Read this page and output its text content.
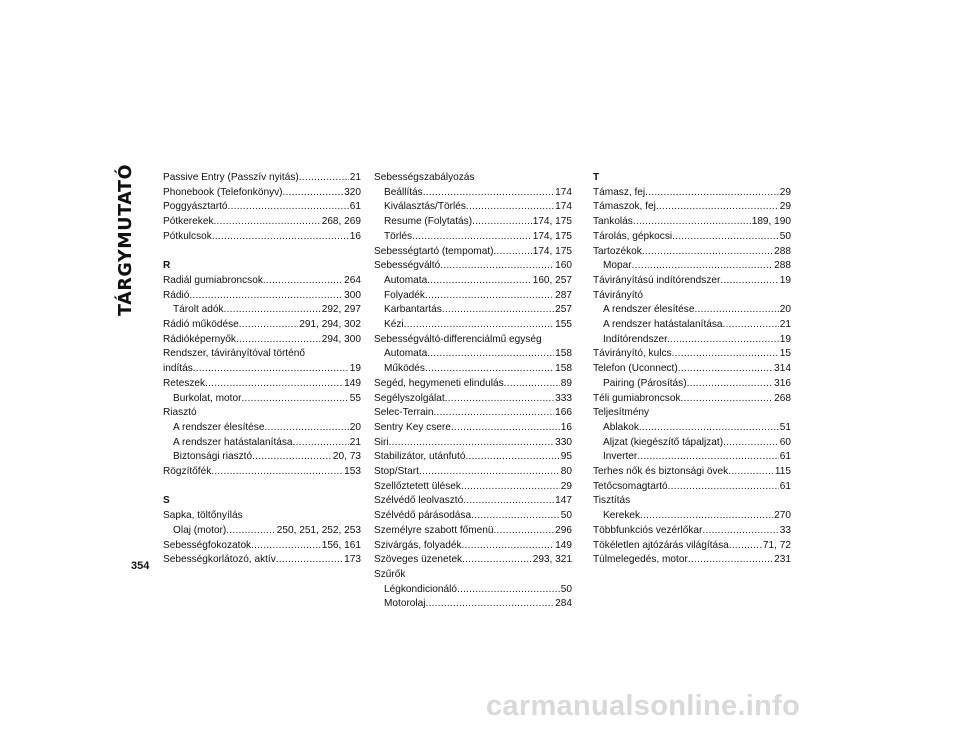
TÁRGYMUTATÓ	Passive Entry (Passzív nyitás) .....	21
Phonebook (Telefonkönyv) .....	320
Poggyásztartó .....	61
Pótkerekek .....	268, 269
Pótkulcsok .....	16
R
Radiál gumiabroncsok .....	264
Rádió .....	300
Tárolt adók .....	292, 297
Rádió működése .....	291, 294, 302
Rádióképernyők .....	294, 300
Rendszer, távirányítóval történő
indítás .....	19
Reteszek .....	149
Burkolat, motor .....	55
Riasztó
A rendszer élesítése .....	20
A rendszer hatástalanítása .....	21
Biztonsági riasztó .....	20, 73
Rögzítőfék .....	153
S
Sapka, töltőnyílás
Olaj (motor) .....	250, 251, 252, 253
Sebességfokozatok .....	156, 161
Sebességkorlátozó, aktív .....	173
Sebességszabályozás
Beállítás .....	174
Kiválasztás/Törlés .....	174
Resume (Folytatás) .....	174, 175
Törlés .....	174, 175
Sebességtartó (tempomat) .....	174, 175
Sebességváltó .....	160
Automata .....	160, 257
Folyadék .....	287
Karbantartás .....	257
Kézi .....	155
Sebességváltó-differenciálmű egység
Automata .....	158
Működés .....	158
Segéd, hegymeneti elindulás .....	89
Segélyszolgálat .....	333
Selec-Terrain .....	166
Sentry Key csere .....	16
Siri .....	330
Stabilizátor, utánfutó .....	95
Stop/Start .....	80
Szellőztetett ülések .....	29
Szélvédő leolvasztó .....	147
Szélvédő párásodása .....	50
Személyre szabott főmenü .....	296
Szivárgás, folyadék .....	149
Szöveges üzenetek .....	293, 321
Szűrők
Légkondicionáló .....	50
Motorolaj .....	284
T
Támasz, fej .....	29
Támaszok, fej .....	29
Tankolás .....	189, 190
Tárolás, gépkocsi .....	50
Tartozékok .....	288
Mopar .....	288
Távirányítású indítórendszer .....	19
Távirányító
A rendszer élesítése .....	20
A rendszer hatástalanítása .....	21
Indítórendszer. .....	19
Távirányító, kulcs .....	15
Telefon (Uconnect) .....	314
Pairing (Párosítás) .....	316
Téli gumiabroncsok .....	268
Teljesítmény
Ablakok .....	51
Aljzat (kiegészítő tápaljzat) .....	60
Inverter .....	61
Terhes nők és biztonsági övek .....	115
Tetőcsomagtartó .....	61
Tisztítás
Kerekek .....	270
Többfunkciós vezérlőkar .....	33
Tökéletlen ajtózárás világítása .....	71, 72
Túlmelegedés, motor .....	231
354
carmanualsonline.info
